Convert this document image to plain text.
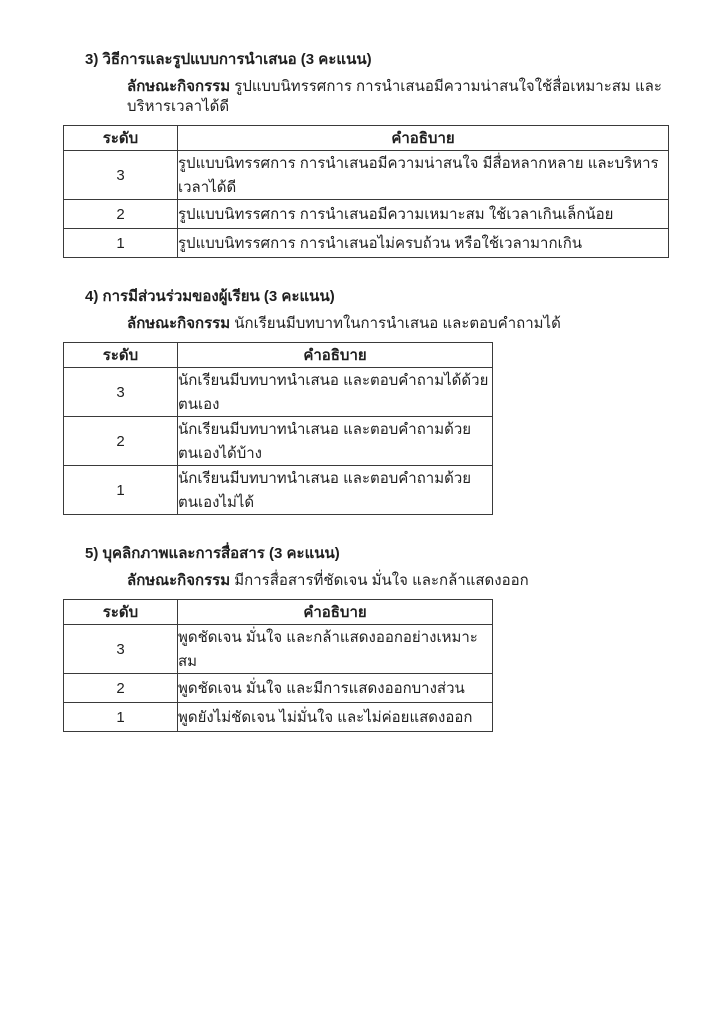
3) วิธีการและรูปแบบการนำเสนอ (3 คะแนน)

ลักษณะกิจกรรม รูปแบบนิทรรศการ การนำเสนอมีความน่าสนใจใช้สื่อเหมาะสม และบริหารเวลาได้ดี

ระดับ	คำอธิบาย
3	รูปแบบนิทรรศการ การนำเสนอมีความน่าสนใจ มีสื่อหลากหลาย และบริหารเวลาได้ดี
2	รูปแบบนิทรรศการ การนำเสนอมีความเหมาะสม ใช้เวลาเกินเล็กน้อย
1	รูปแบบนิทรรศการ การนำเสนอไม่ครบถ้วน หรือใช้เวลามากเกิน
4) การมีส่วนร่วมของผู้เรียน (3 คะแนน)

ลักษณะกิจกรรม นักเรียนมีบทบาทในการนำเสนอ และตอบคำถามได้

ระดับ	คำอธิบาย
3	นักเรียนมีบทบาทนำเสนอ และตอบคำถามได้ด้วยตนเอง
2	นักเรียนมีบทบาทนำเสนอ และตอบคำถามด้วยตนเองได้บ้าง
1	นักเรียนมีบทบาทนำเสนอ และตอบคำถามด้วยตนเองไม่ได้
5) บุคลิกภาพและการสื่อสาร (3 คะแนน)

ลักษณะกิจกรรม มีการสื่อสารที่ชัดเจน มั่นใจ และกล้าแสดงออก

ระดับ	คำอธิบาย
3	พูดชัดเจน มั่นใจ และกล้าแสดงออกอย่างเหมาะสม
2	พูดชัดเจน มั่นใจ และมีการแสดงออกบางส่วน
1	พูดยังไม่ชัดเจน ไม่มั่นใจ และไม่ค่อยแสดงออก
